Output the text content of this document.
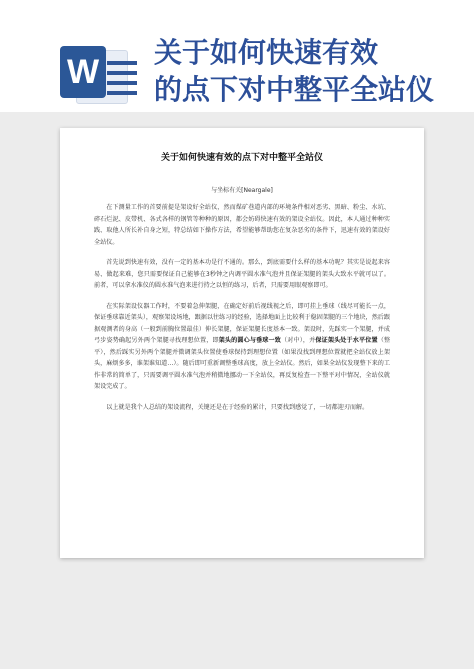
W
关于如何快速有效
的点下对中整平全站仪
关于如何快速有效的点下对中整平全站仪
与坐标有关[Neargale]

在下测量工作的首要前提是架设好全站仪，然而煤矿巷道内部的环境条件相对恶劣、黑暗、粉尘、水坑、碎石烂泥、皮带机、各式各样的钢管等种种的原因，都会妨碍快速有效的架设全站仪。因此，本人通过种种实践、取他人所长补自身之短，特总结如下操作方法，希望能够帮助您在复杂恶劣的条件下，迅速有效的架设好全站仪。

首先说到快速有效，没有一定的基本功是行不通的。那么，到底需要什么样的基本功呢？其实是说起来容易、做起来难，您只需要保证自己能够在3秒钟之内调平圆水准气泡并且保证架腿的架头大致水平就可以了。前者，可以拿水准仪的圆水准气泡来进行持之以恒的练习，后者，只需要用眼观察即可。

在实际架设仪器工作时，不要着急伸架腿，在确定好前后视线视之后，即可挂上垂球（线尽可能长一点，保证垂球靠近架头），观察架设场地，跟据以往练习的经验，选择地面上比较利于稳固架腿的三个地块，然后跟据观测者的身高（一般到前胸位置最佳）伸长架腿，保证架腿长度基本一致。架设时，先踩实一个架腿，并成弓步姿势确起另外两个架腿寻找理想位置，即架头的圆心与垂球一致（对中），并保证架头处于水平位置（整平），然后踩实另外两个架腿并微调架头位置使垂球保持到理想位置（如果没找到理想位置就把全站仪放上架头，麻烦多多，谁架谁知道…）。随后即可重新调整垂球高度，放上全站仪。然后，如果全站仪发现整下来的工作非常的简单了，只需要调平圆水准气泡并稍微地挪动一下全站仪，再反复检查一下整平对中情况，全站仪就架设完成了。

以上就是我个人总结的架设流程，关键还是在于经验的累计，只要找到感觉了，一切都迎刃而解。
